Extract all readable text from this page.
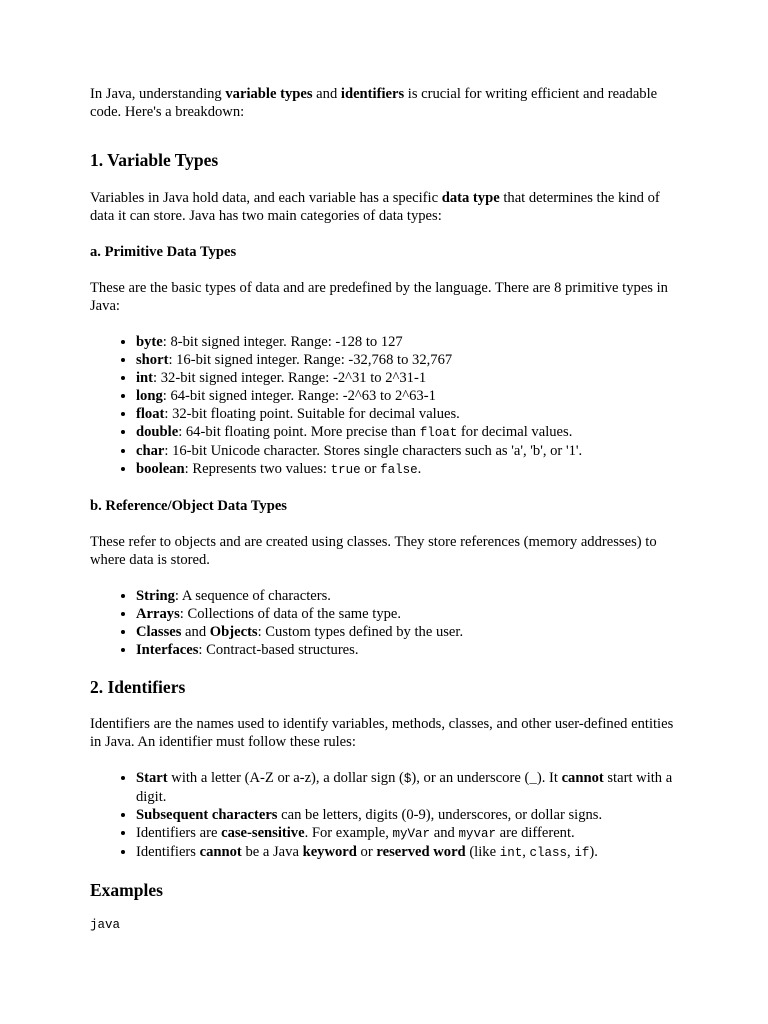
In Java, understanding variable types and identifiers is crucial for writing efficient and readable code. Here's a breakdown:

1. Variable Types

Variables in Java hold data, and each variable has a specific data type that determines the kind of data it can store. Java has two main categories of data types:

a. Primitive Data Types

These are the basic types of data and are predefined by the language. There are 8 primitive types in Java:

• byte: 8-bit signed integer. Range: -128 to 127
• short: 16-bit signed integer. Range: -32,768 to 32,767
• int: 32-bit signed integer. Range: -2^31 to 2^31-1
• long: 64-bit signed integer. Range: -2^63 to 2^63-1
• float: 32-bit floating point. Suitable for decimal values.
• double: 64-bit floating point. More precise than float for decimal values.
• char: 16-bit Unicode character. Stores single characters such as 'a', 'b', or '1'.
• boolean: Represents two values: true or false.
b. Reference/Object Data Types

These refer to objects and are created using classes. They store references (memory addresses) to where data is stored.

• String: A sequence of characters.
• Arrays: Collections of data of the same type.
• Classes and Objects: Custom types defined by the user.
• Interfaces: Contract-based structures.
2. Identifiers

Identifiers are the names used to identify variables, methods, classes, and other user-defined entities in Java. An identifier must follow these rules:

• Start with a letter (A-Z or a-z), a dollar sign ($), or an underscore (_). It cannot start with a digit.
• Subsequent characters can be letters, digits (0-9), underscores, or dollar signs.
• Identifiers are case-sensitive. For example, myVar and myvar are different.
• Identifiers cannot be a Java keyword or reserved word (like int, class, if).
Examples

java
